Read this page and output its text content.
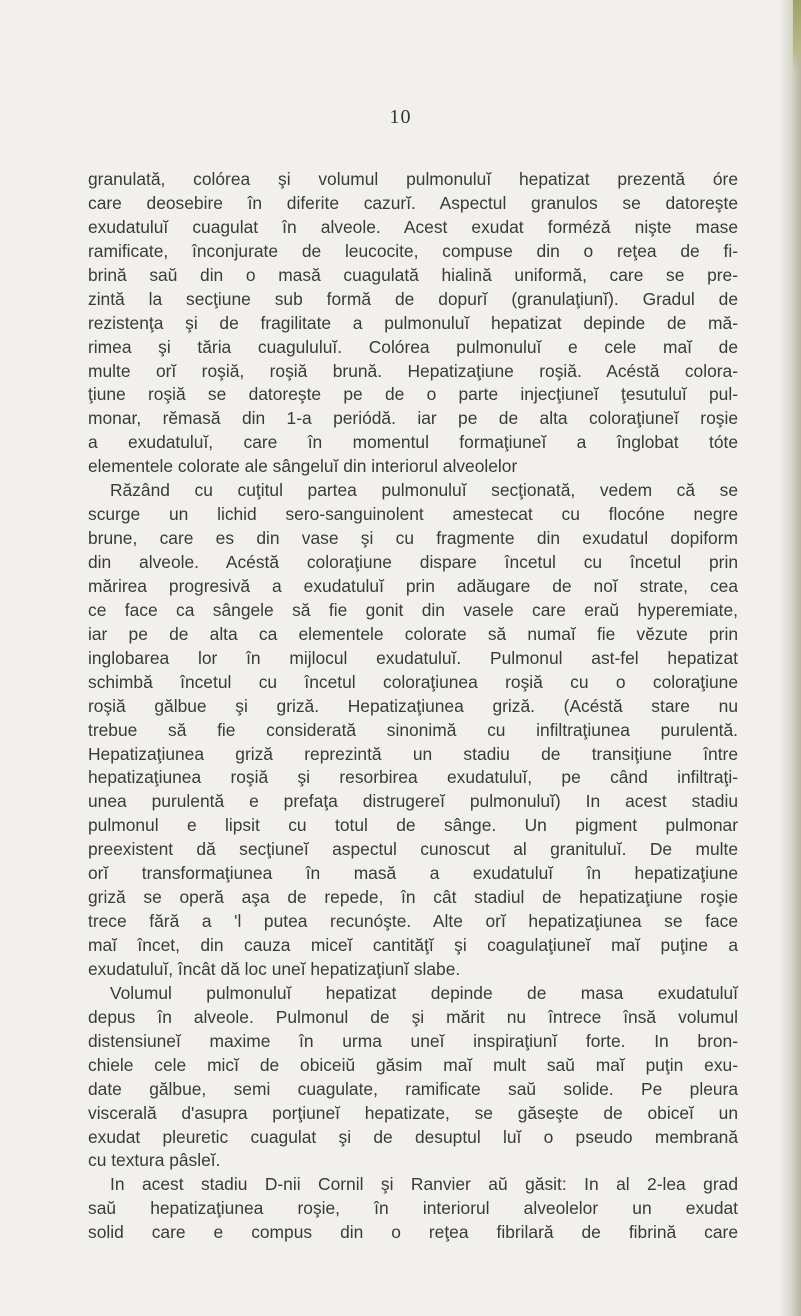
10
granulată, colórea şi volumul pulmonuluĭ hepatizat prezentă óre
care deosebire în diferite cazurĭ. Aspectul granulos se datoreşte
exudatuluĭ cuagulat în alveole. Acest exudat formézǎ nişte mase
ramificate, înconjurate de leucocite, compuse din o reţea de fi-
brină saŭ din o masă cuagulată hialină uniformă, care se pre-
zintă la secţiune sub formă de dopurĭ (granulaţiunĭ). Gradul de
rezistenţa şi de fragilitate a pulmonuluĭ hepatizat depinde de mă-
rimea şi tăria cuagululuĭ. Colórea pulmonuluĭ e cele maĭ de
multe orĭ roşiă, roşiă brună. Hepatizaţiune roşiă. Acéstă colora-
ţiune roşiă se datoreşte pe de o parte injecţiuneĭ ţesutuluĭ pul-
monar, rĕmasă din 1-a periódă. iar pe de alta coloraţiuneĭ roşie
a exudatuluĭ, care în momentul formaţiuneĭ a înglobat tóte
elementele colorate ale sângeluĭ din interiorul alveolelor
Răzând cu cuţitul partea pulmonuluĭ secţionată, vedem că se
scurge un lichid sero-sanguinolent amestecat cu flocóne negre
brune, care es din vase şi cu fragmente din exudatul dopiform
din alveole. Acéstă coloraţiune dispare încetul cu încetul prin
mărirea progresivă a exudatuluĭ prin adăugare de noĭ strate, cea
ce face ca sângele să fie gonit din vasele care eraŭ hyperemiate,
iar pe de alta ca elementele colorate să numaĭ fie vĕzute prin
inglobarea lor în mijlocul exudatuluĭ. Pulmonul ast-fel hepatizat
schimbă încetul cu încetul coloraţiunea roşiă cu o coloraţiune
roşiă gălbue şi griză. Hepatizaţiunea griză. (Acéstă stare nu
trebue să fie considerată sinonimă cu infiltraţiunea purulentă.
Hepatizaţiunea griză reprezintă un stadiu de transiţiune între
hepatizaţiunea roşiă şi resorbirea exudatuluĭ, pe când infiltraţi-
unea purulentă e prefaţa distrugereĭ pulmonuluĭ) In acest stadiu
pulmonul e lipsit cu totul de sânge. Un pigment pulmonar
preexistent dă secţiuneĭ aspectul cunoscut al granituluĭ. De multe
orĭ transformaţiunea în masă a exudatuluĭ în hepatizaţiune
griză se operă aşa de repede, în cât stadiul de hepatizaţiune roşie
trece fără a 'l putea recunóşte. Alte orĭ hepatizaţiunea se face
maĭ încet, din cauza miceĭ cantităţĭ şi coagulaţiuneĭ maĭ puţine a
exudatuluĭ, încât dă loc uneĭ hepatizaţiunĭ slabe.
Volumul pulmonuluĭ hepatizat depinde de masa exudatuluĭ
depus în alveole. Pulmonul de şi mărit nu întrece însă volumul
distensiuneĭ maxime în urma uneĭ inspiraţiunĭ forte. In bron-
chiele cele micĭ de obiceiŭ găsim maĭ mult saŭ maĭ puţin exu-
date gălbue, semi cuagulate, ramificate saŭ solide. Pe pleura
viscerală d'asupra porţiuneĭ hepatizate, se găseşte de obiceĭ un
exudat pleuretic cuagulat şi de desuptul luĭ o pseudo membrană
cu textura pâsleĭ.
In acest stadiu D-nii Cornil şi Ranvier aŭ găsit: In al 2-lea grad
saŭ hepatizaţiunea roşie, în interiorul alveolelor un exudat
solid care e compus din o reţea fibrilară de fibrină care
